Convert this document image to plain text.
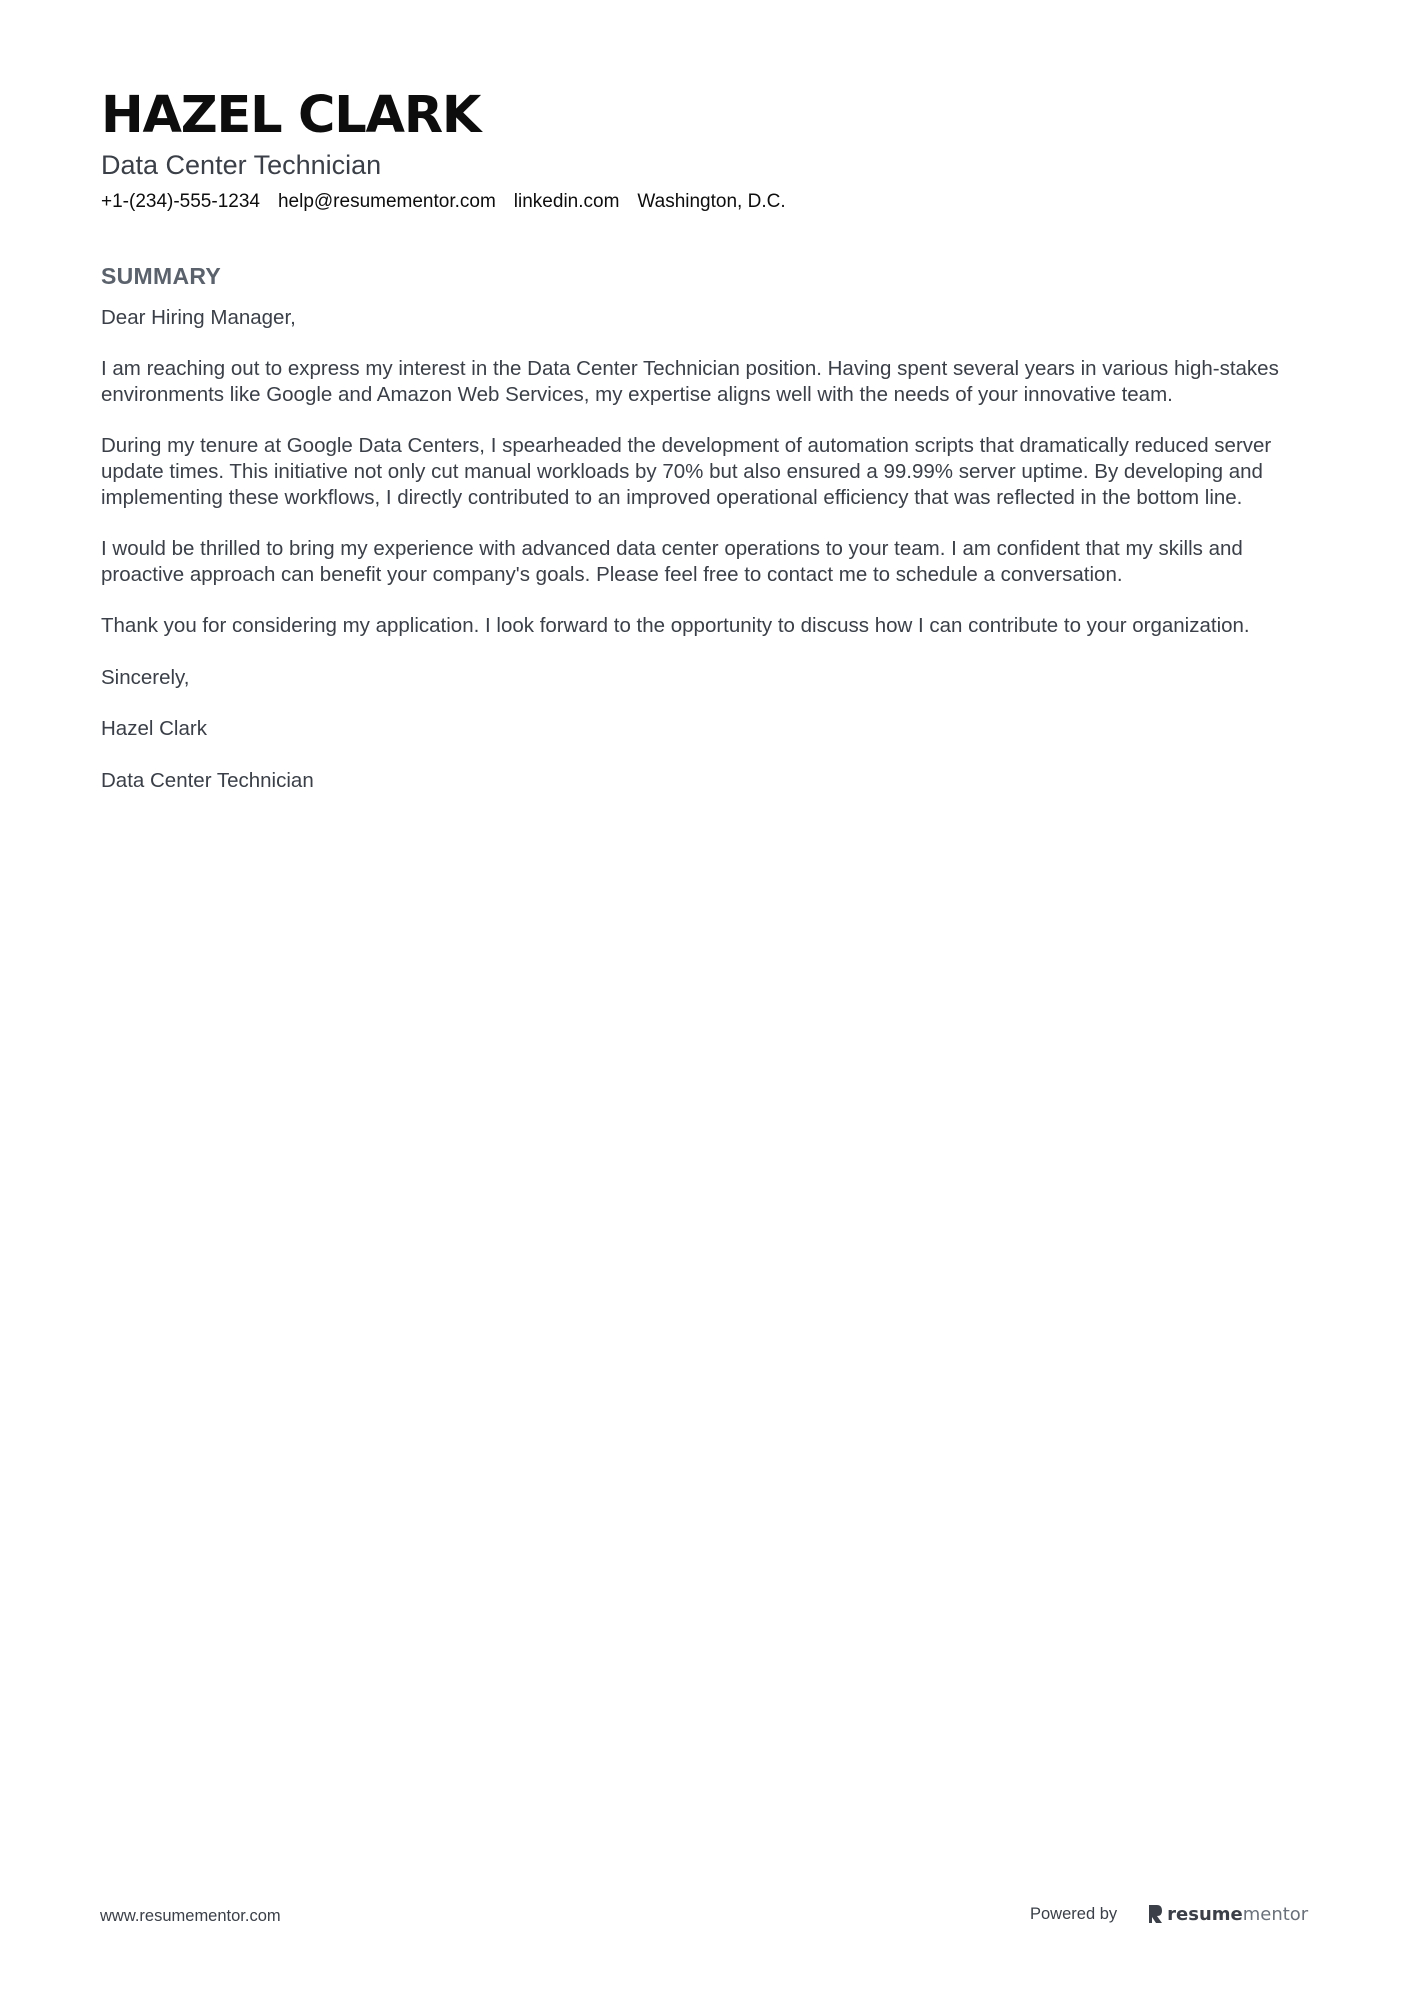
HAZEL CLARK
Data Center Technician
+1-(234)-555-1234 help@resumementor.com linkedin.com Washington, D.C.
SUMMARY

Dear Hiring Manager,

I am reaching out to express my interest in the Data Center Technician position. Having spent several years in various high-stakes environments like Google and Amazon Web Services, my expertise aligns well with the needs of your innovative team.

During my tenure at Google Data Centers, I spearheaded the development of automation scripts that dramatically reduced server update times. This initiative not only cut manual workloads by 70% but also ensured a 99.99% server uptime. By developing and implementing these workflows, I directly contributed to an improved operational efficiency that was reflected in the bottom line.

I would be thrilled to bring my experience with advanced data center operations to your team. I am confident that my skills and proactive approach can benefit your company's goals. Please feel free to contact me to schedule a conversation.

Thank you for considering my application. I look forward to the opportunity to discuss how I can contribute to your organization.

Sincerely,

Hazel Clark

Data Center Technician

www.resumementor.com	Powered by	resumementor
